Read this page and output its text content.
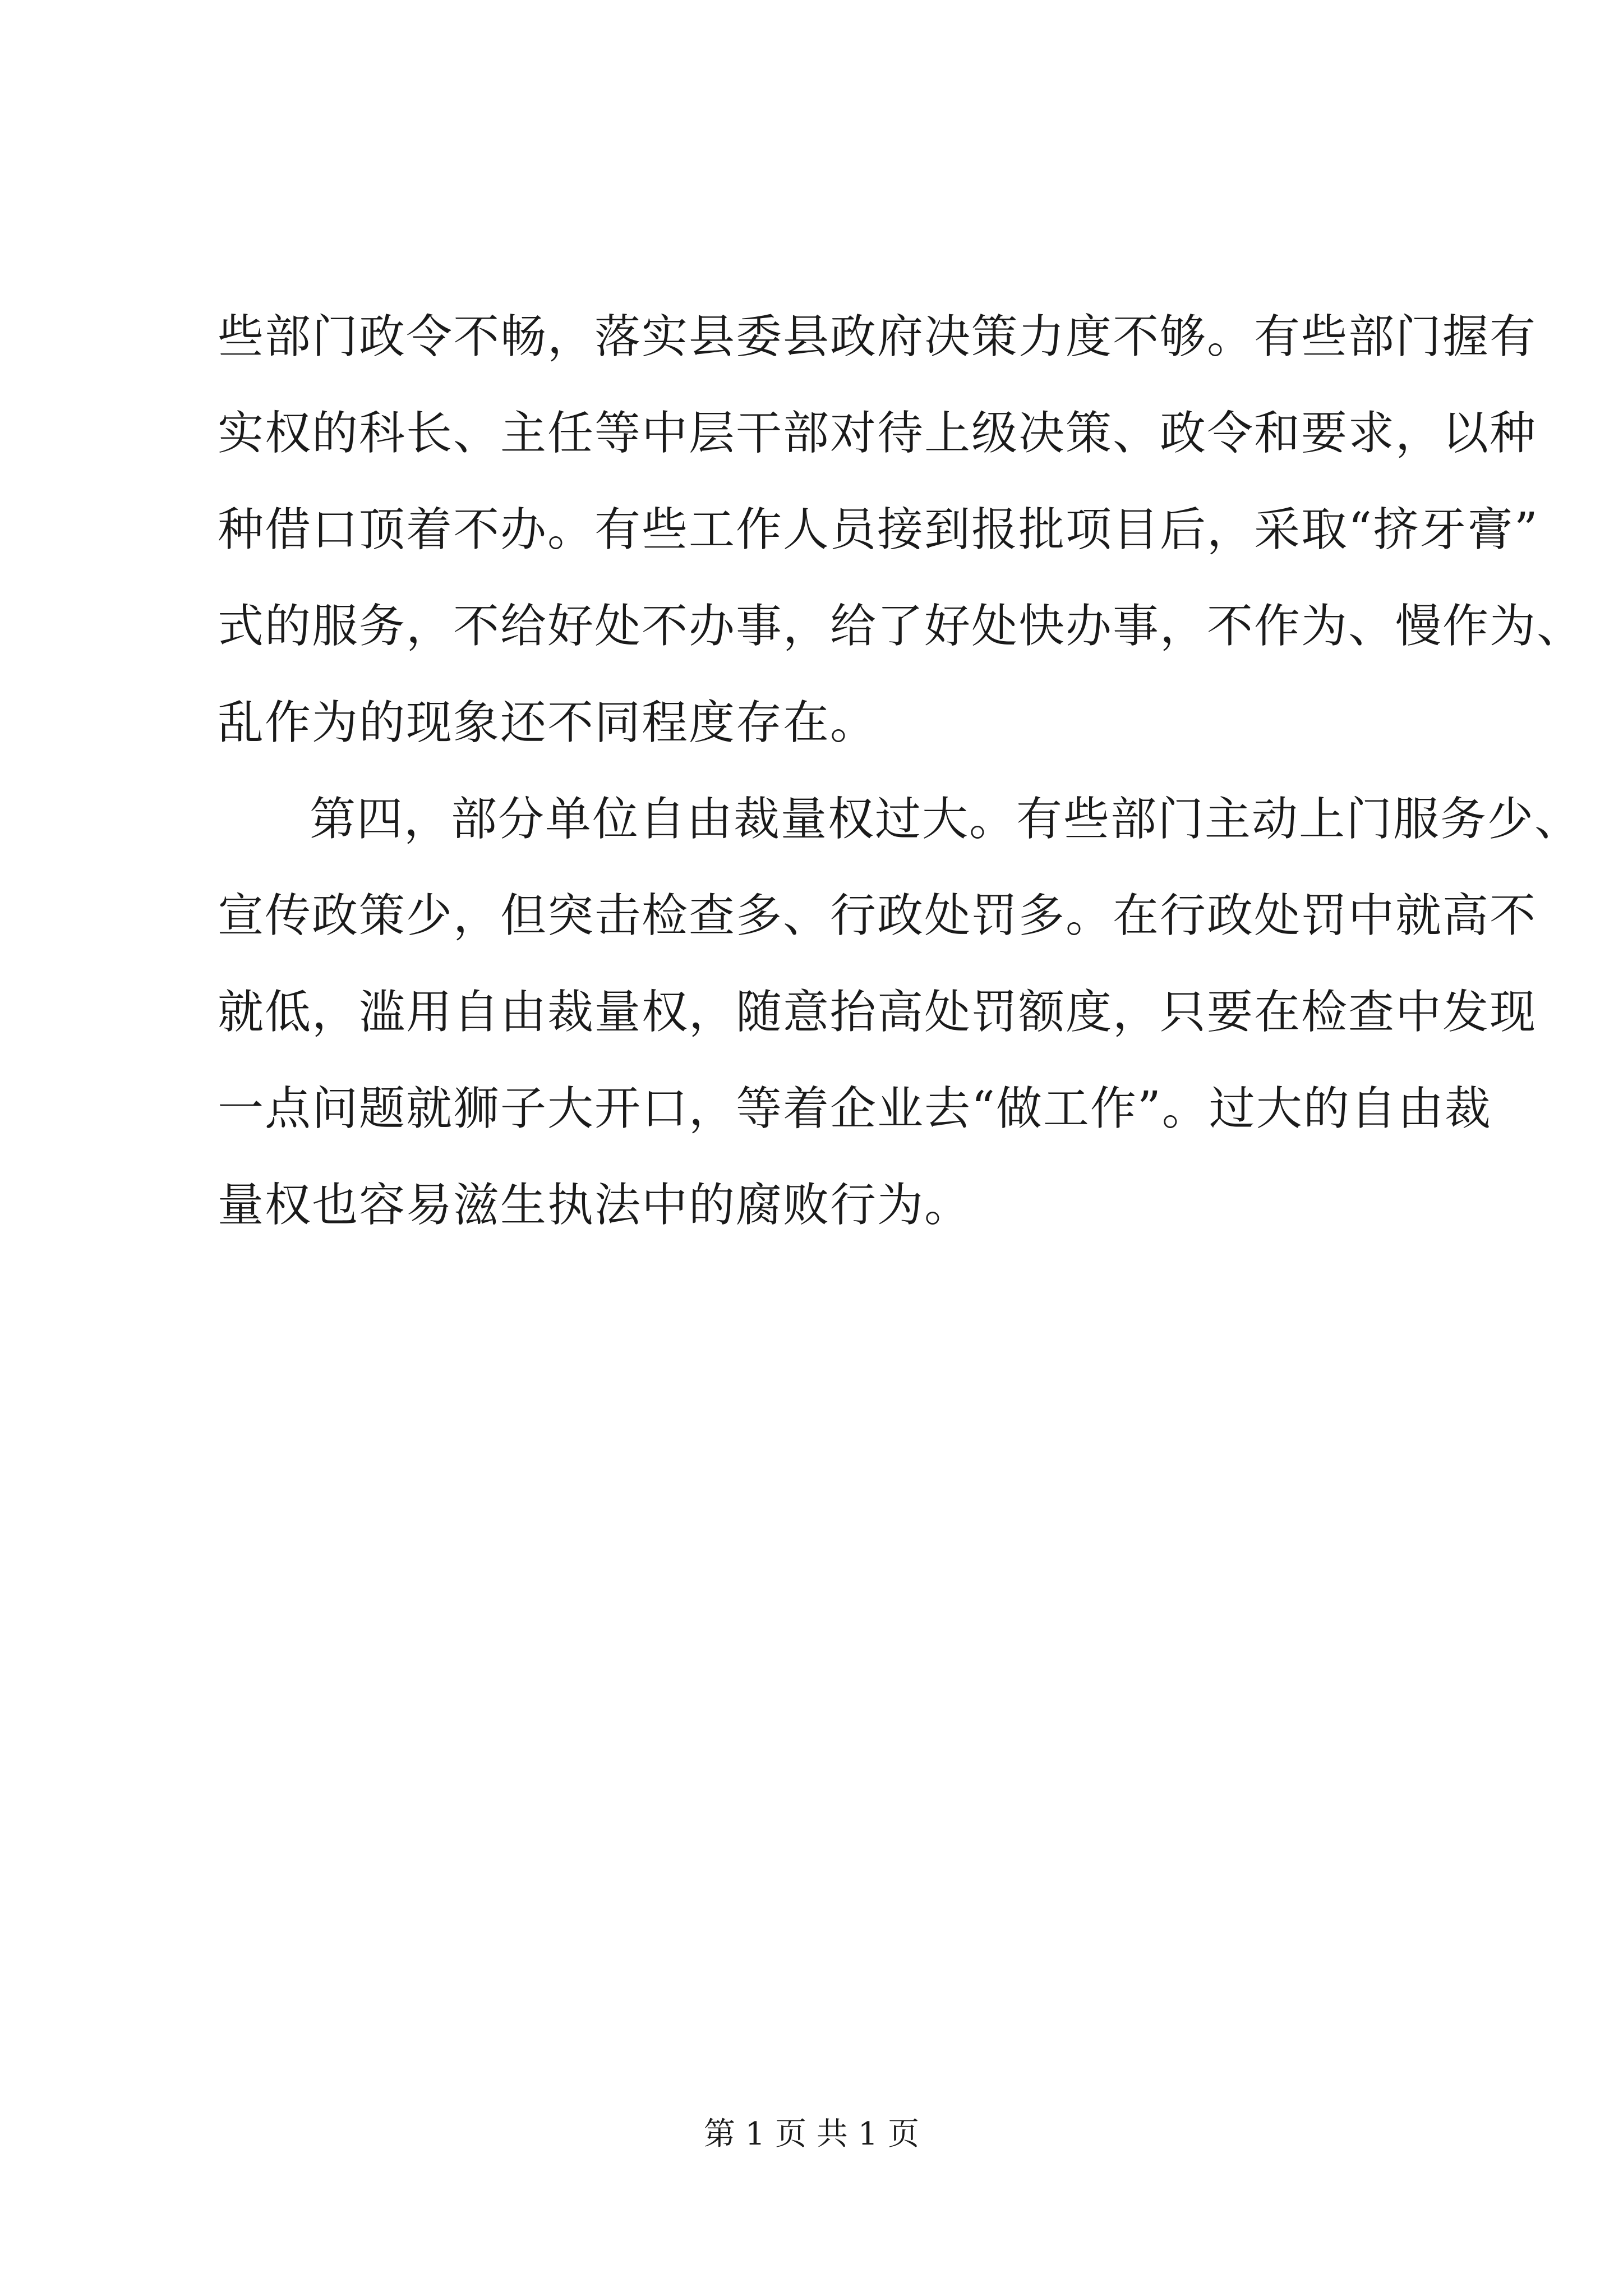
些部门政令不畅，落实县委县政府决策力度不够。有些部门握有
实权的科长、主任等中层干部对待上级决策、政令和要求，以种
种借口顶着不办。有些工作人员接到报批项目后，采取“挤牙膏”
式的服务，不给好处不办事，给了好处快办事，不作为、慢作为、
乱作为的现象还不同程度存在。
第四，部分单位自由裁量权过大。有些部门主动上门服务少、
宣传政策少，但突击检查多、行政处罚多。在行政处罚中就高不
就低，滥用自由裁量权，随意抬高处罚额度，只要在检查中发现
一点问题就狮子大开口，等着企业去“做工作”。过大的自由裁
量权也容易滋生执法中的腐败行为。
第 1 页 共 1 页
